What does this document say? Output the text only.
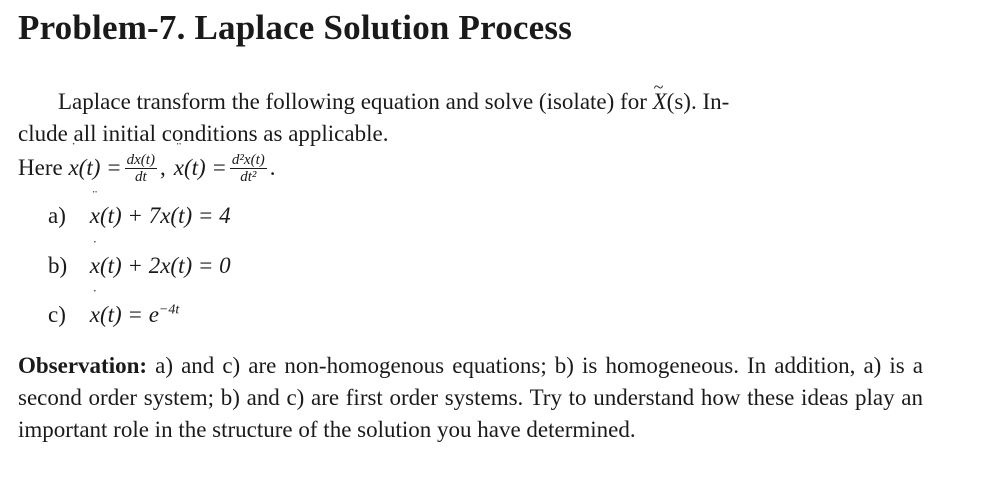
Problem-7. Laplace Solution Process
Laplace transform the following equation and solve (isolate) for ~ X(s). In-
clude all initial conditions as applicable.
Here ˙ x $(t) = \frac{dx(t)}{dt}$ , ¨ x $(t) = \frac{\text{d²x(t)}}{\text{dt²}}$ .
a) ¨ x(t) + 7x(t) = 4
b) ˙ x(t) + 2x(t) = 0
c) ˙ $x(t) = e^{-4t}$
Observation: a) and c) are non-homogenous equations; b) is homogeneous. In addition, a) is a second order system; b) and c) are first order systems. Try to understand how these ideas play an important role in the structure of the solution you have determined.
